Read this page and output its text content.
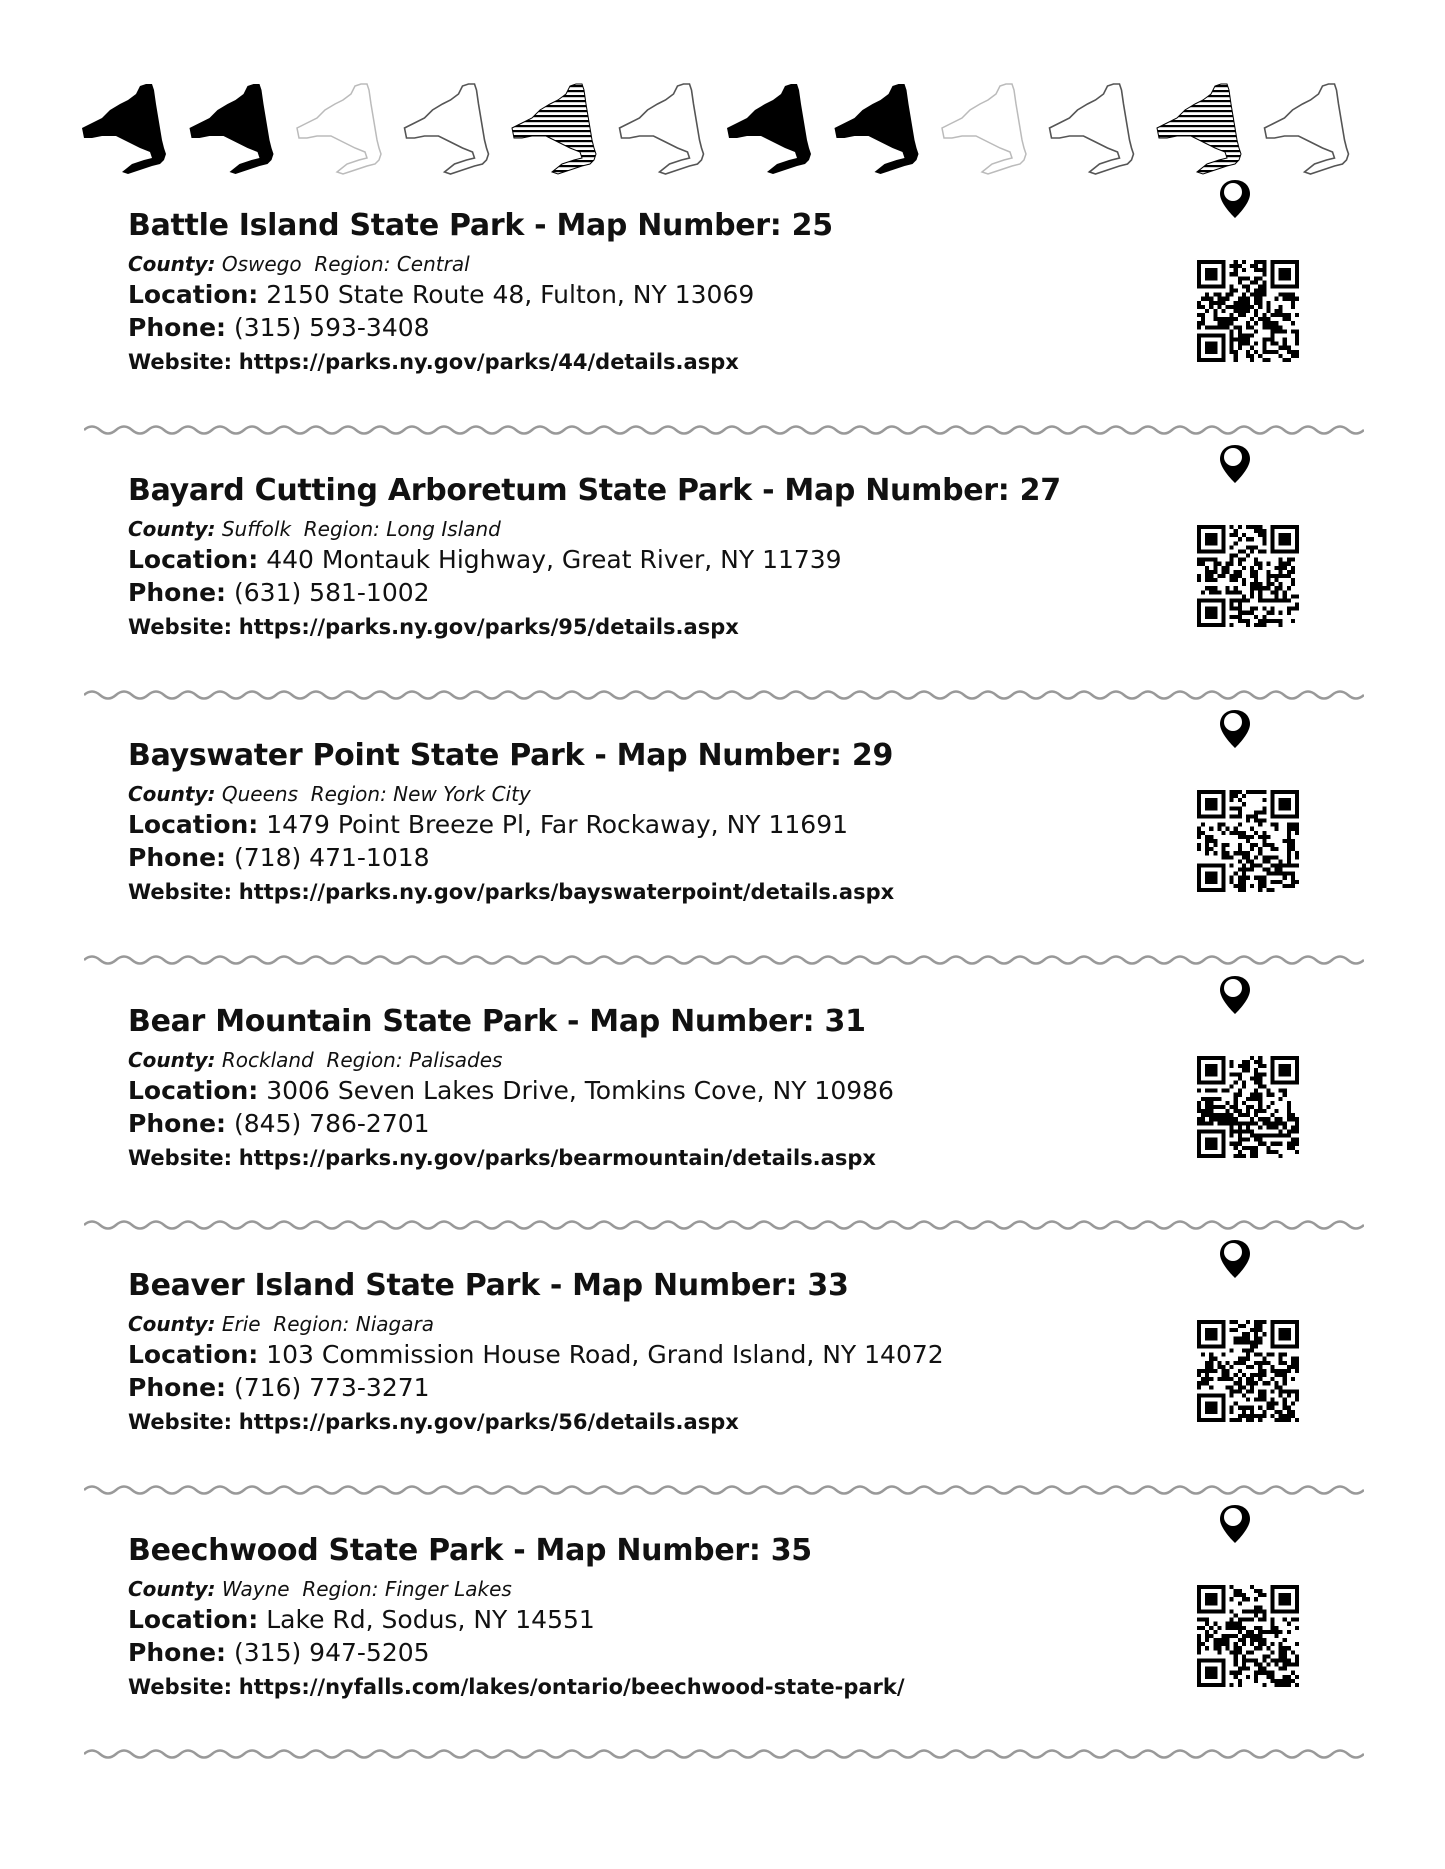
Battle Island State Park - Map Number: 25
County: Oswego Region: Central
Location: 2150 State Route 48, Fulton, NY 13069
Phone: (315) 593-3408
Website: https://parks.ny.gov/parks/44/details.aspx
Bayard Cutting Arboretum State Park - Map Number: 27
County: Suffolk Region: Long Island
Location: 440 Montauk Highway, Great River, NY 11739
Phone: (631) 581-1002
Website: https://parks.ny.gov/parks/95/details.aspx
Bayswater Point State Park - Map Number: 29
County: Queens Region: New York City
Location: 1479 Point Breeze Pl, Far Rockaway, NY 11691
Phone: (718) 471-1018
Website: https://parks.ny.gov/parks/bayswaterpoint/details.aspx
Bear Mountain State Park - Map Number: 31
County: Rockland Region: Palisades
Location: 3006 Seven Lakes Drive, Tomkins Cove, NY 10986
Phone: (845) 786-2701
Website: https://parks.ny.gov/parks/bearmountain/details.aspx
Beaver Island State Park - Map Number: 33
County: Erie Region: Niagara
Location: 103 Commission House Road, Grand Island, NY 14072
Phone: (716) 773-3271
Website: https://parks.ny.gov/parks/56/details.aspx
Beechwood State Park - Map Number: 35
County: Wayne Region: Finger Lakes
Location: Lake Rd, Sodus, NY 14551
Phone: (315) 947-5205
Website: https://nyfalls.com/lakes/ontario/beechwood-state-park/
